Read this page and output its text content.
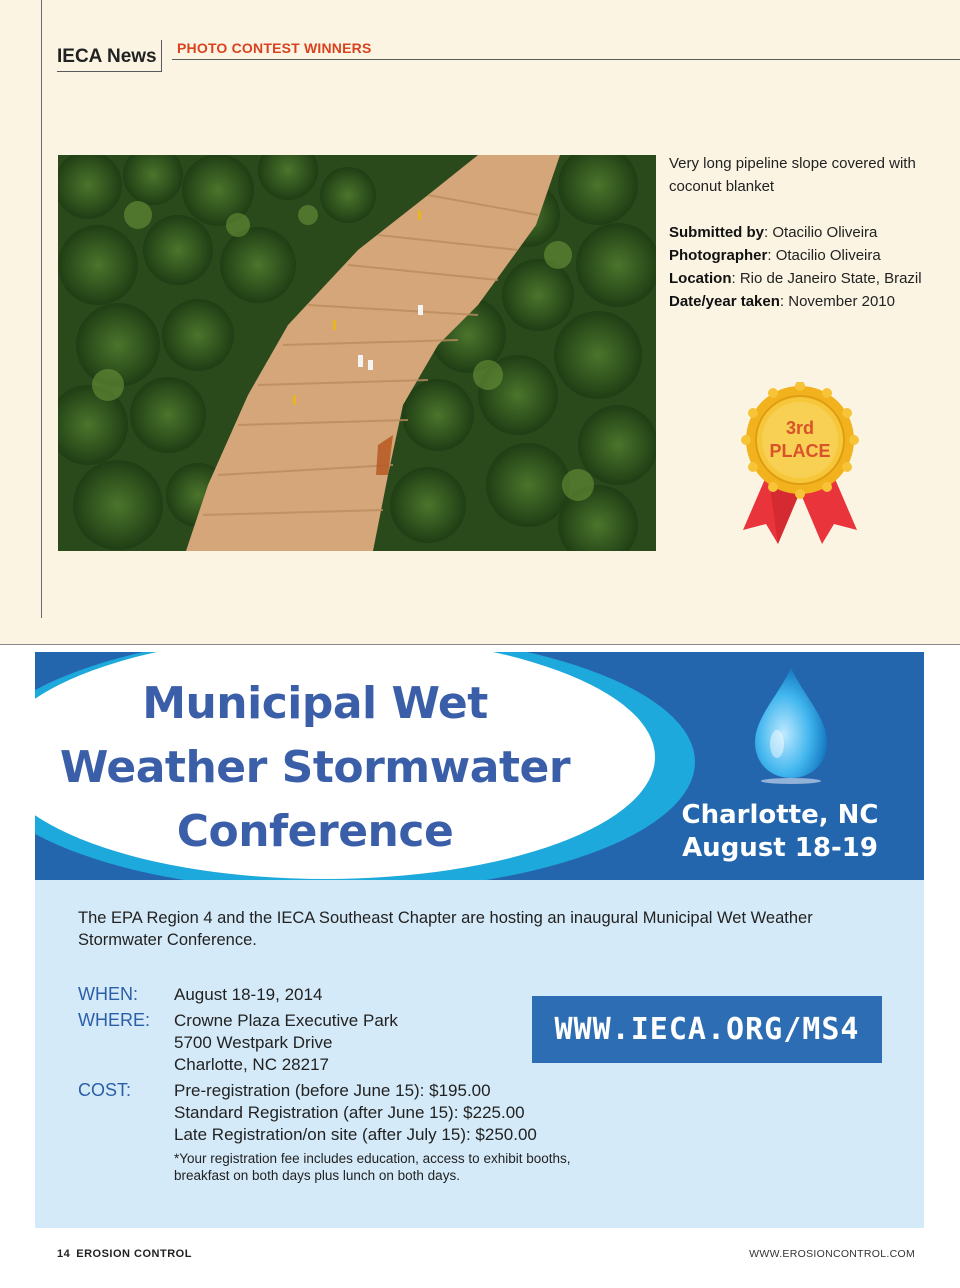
IECA News PHOTO CONTEST WINNERS

Very long pipeline slope covered with coconut blanket

Submitted by: Otacilio Oliveira

Photographer: Otacilio Oliveira

Location: Rio de Janeiro State, Brazil

Date/year taken: November 2010

3rd
PLACE
Municipal Wet
Weather Stormwater
Conference	Charlotte, NC
August 18-19
The EPA Region 4 and the IECA Southeast Chapter are hosting an inaugural Municipal Wet Weather Stormwater Conference.
WHEN: August 18-19, 2014
WHERE: Crowne Plaza Executive Park
5700 Westpark Drive
Charlotte, NC 28217
COST:	Pre-registration (before June 15): $195.00
Standard Registration (after June 15): $225.00
Late Registration/on site (after July 15): $250.00
*Your registration fee includes education, access to exhibit booths, breakfast on both days plus lunch on both days.
WWW.IECA.ORG/MS4
14 EROSION CONTROL	WWW.EROSIONCONTROL.COM
